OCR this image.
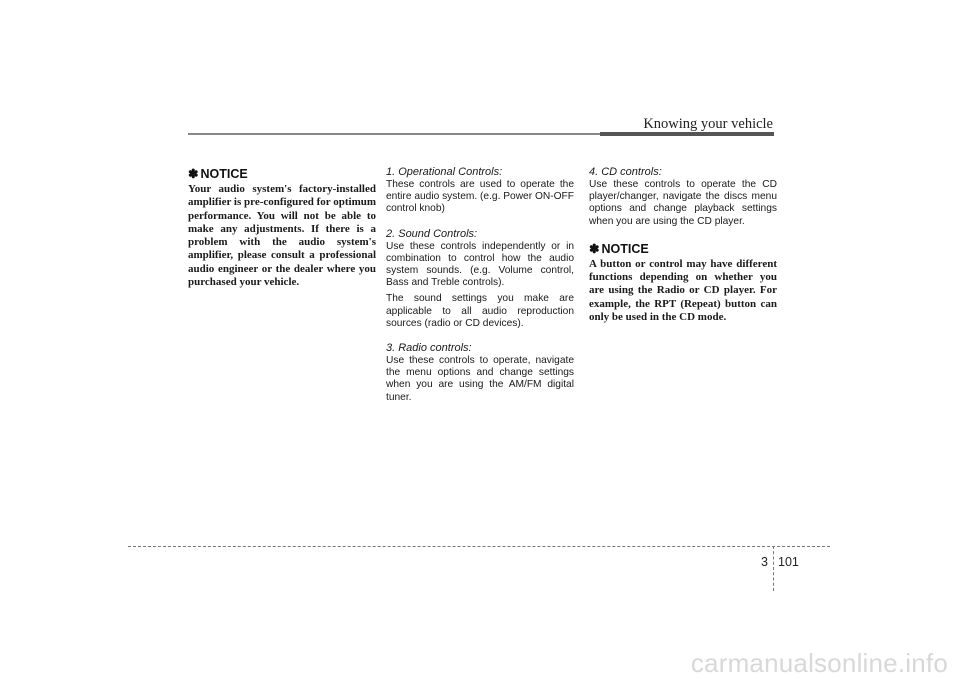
Knowing your vehicle

✽ NOTICE

Your audio system's factory-installed amplifier is pre-configured for optimum performance. You will not be able to make any adjustments. If there is a problem with the audio system's amplifier, please consult a professional audio engineer or the dealer where you purchased your vehicle.

1. Operational Controls:

These controls are used to operate the entire audio system. (e.g. Power ON-OFF control knob)

2. Sound Controls:

Use these controls independently or in combination to control how the audio system sounds. (e.g. Volume control, Bass and Treble controls).

The sound settings you make are applicable to all audio reproduction sources (radio or CD devices).

3. Radio controls:

Use these controls to operate, navigate the menu options and change settings when you are using the AM/FM digital tuner.

4. CD controls:

Use these controls to operate the CD player/changer, navigate the discs menu options and change playback settings when you are using the CD player.

✽ NOTICE

A button or control may have different functions depending on whether you are using the Radio or CD player. For example, the RPT (Repeat) button can only be used in the CD mode.

3 101
carmanualsonline.info
